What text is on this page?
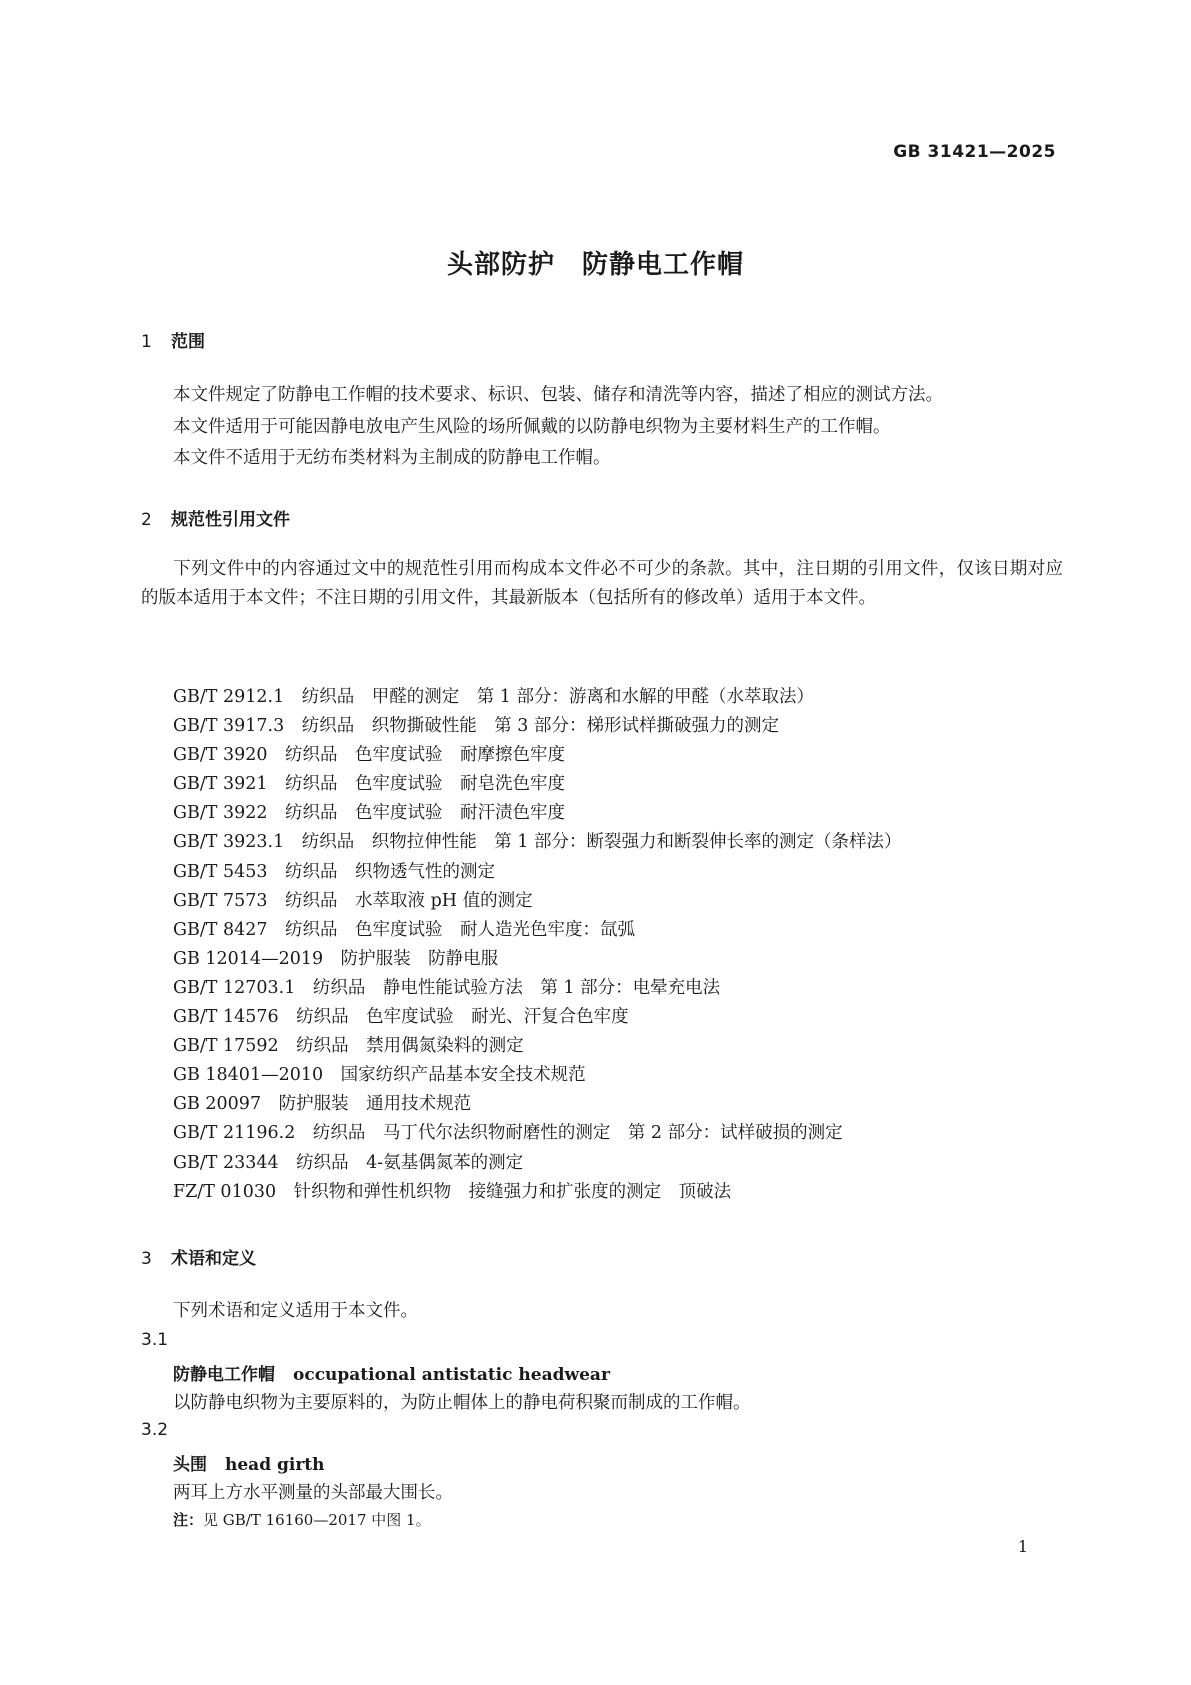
GB 31421—2025
头部防护　防静电工作帽
1 范围
本文件规定了防静电工作帽的技术要求、标识、包装、储存和清洗等内容，描述了相应的测试方法。
本文件适用于可能因静电放电产生风险的场所佩戴的以防静电织物为主要材料生产的工作帽。
本文件不适用于无纺布类材料为主制成的防静电工作帽。
2 规范性引用文件
下列文件中的内容通过文中的规范性引用而构成本文件必不可少的条款。其中，注日期的引用文件，仅该日期对应的版本适用于本文件；不注日期的引用文件，其最新版本（包括所有的修改单）适用于本文件。
GB/T 2912.1　纺织品　甲醛的测定　第 1 部分：游离和水解的甲醛（水萃取法）
GB/T 3917.3　纺织品　织物撕破性能　第 3 部分：梯形试样撕破强力的测定
GB/T 3920　纺织品　色牢度试验　耐摩擦色牢度
GB/T 3921　纺织品　色牢度试验　耐皂洗色牢度
GB/T 3922　纺织品　色牢度试验　耐汗渍色牢度
GB/T 3923.1　纺织品　织物拉伸性能　第 1 部分：断裂强力和断裂伸长率的测定（条样法）
GB/T 5453　纺织品　织物透气性的测定
GB/T 7573　纺织品　水萃取液 pH 值的测定
GB/T 8427　纺织品　色牢度试验　耐人造光色牢度：氙弧
GB 12014—2019　防护服装　防静电服
GB/T 12703.1　纺织品　静电性能试验方法　第 1 部分：电晕充电法
GB/T 14576　纺织品　色牢度试验　耐光、汗复合色牢度
GB/T 17592　纺织品　禁用偶氮染料的测定
GB 18401—2010　国家纺织产品基本安全技术规范
GB 20097　防护服装　通用技术规范
GB/T 21196.2　纺织品　马丁代尔法织物耐磨性的测定　第 2 部分：试样破损的测定
GB/T 23344　纺织品　4-氨基偶氮苯的测定
FZ/T 01030　针织物和弹性机织物　接缝强力和扩张度的测定　顶破法
3 术语和定义
下列术语和定义适用于本文件。
3.1
防静电工作帽 occupational antistatic headwear
以防静电织物为主要原料的，为防止帽体上的静电荷积聚而制成的工作帽。
3.2
头围 head girth
两耳上方水平测量的头部最大围长。
注：见 GB/T 16160—2017 中图 1。
1
